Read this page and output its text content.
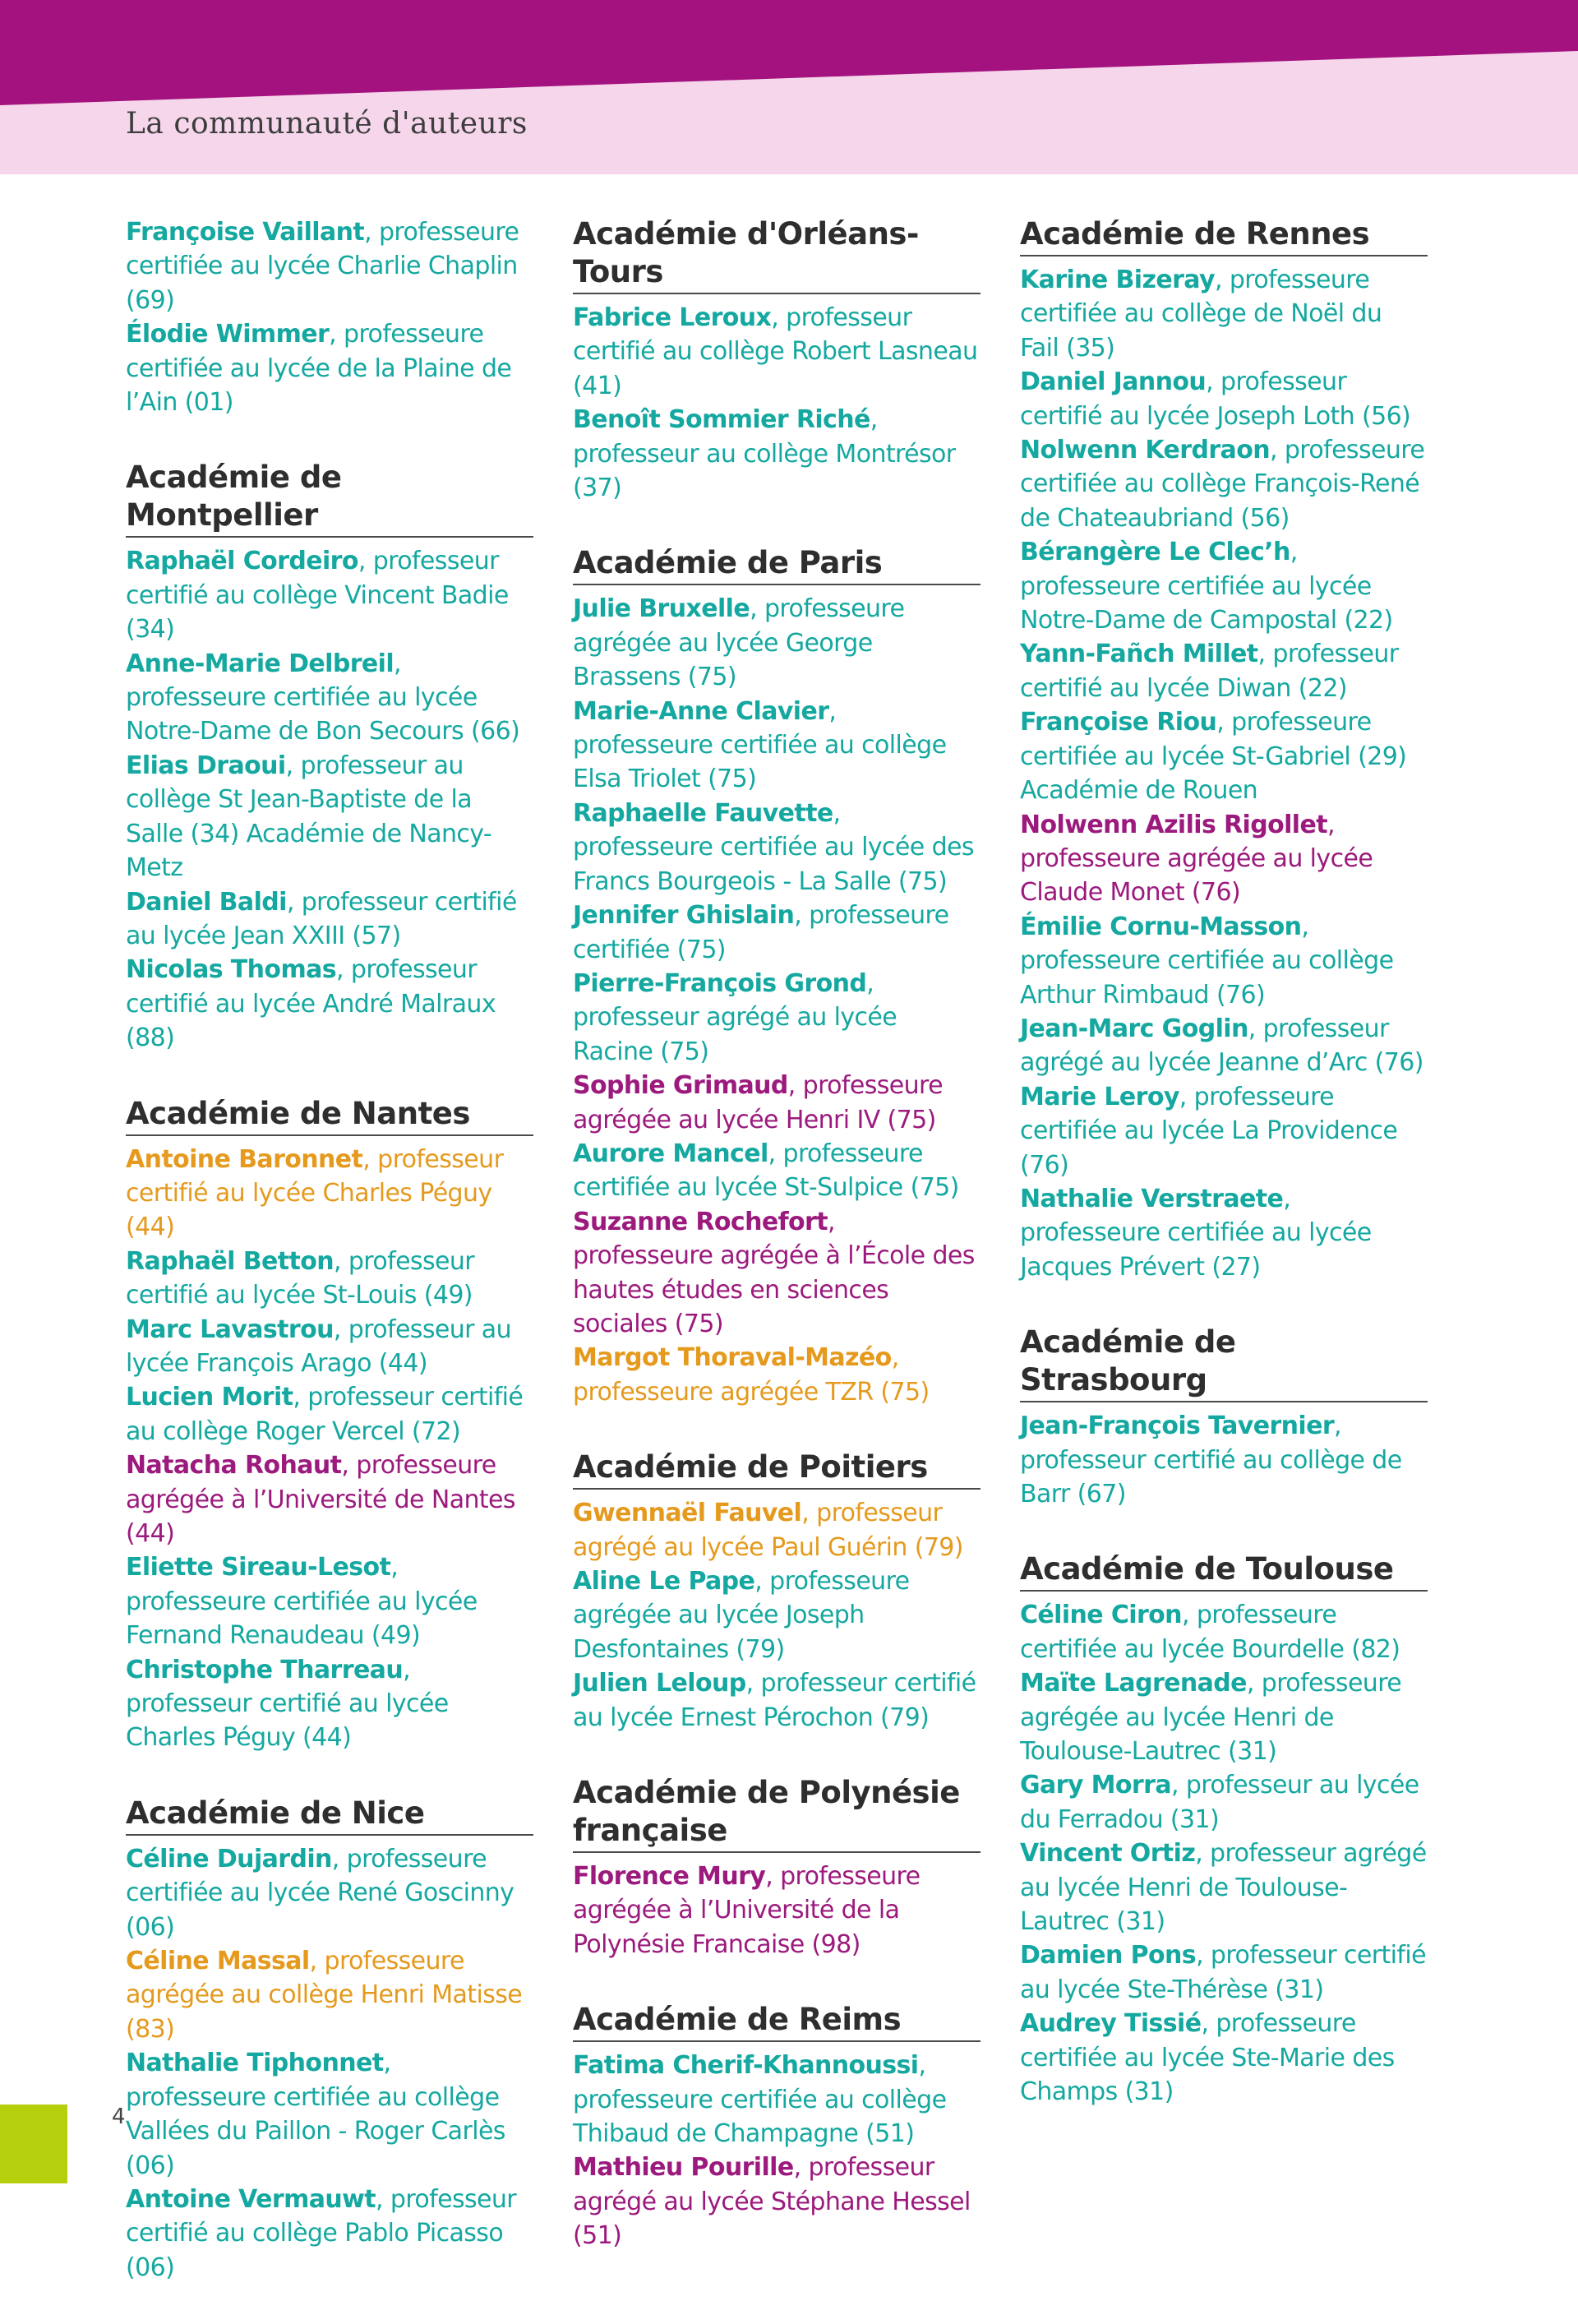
La communauté d'auteurs
Françoise Vaillant, professeure certifiée au lycée Charlie Chaplin (69)
Élodie Wimmer, professeure certifiée au lycée de la Plaine de l’Ain (01)
Académie de Montpellier
Raphaël Cordeiro, professeur certifié au collège Vincent Badie (34)
Anne-Marie Delbreil, professeure certifiée au lycée Notre-Dame de Bon Secours (66)
Elias Draoui, professeur au collège St Jean-Baptiste de la Salle (34) Académie de Nancy-Metz
Daniel Baldi, professeur certifié au lycée Jean XXIII (57)
Nicolas Thomas, professeur certifié au lycée André Malraux (88)
Académie de Nantes
Antoine Baronnet, professeur certifié au lycée Charles Péguy (44)
Raphaël Betton, professeur certifié au lycée St-Louis (49)
Marc Lavastrou, professeur au lycée François Arago (44)
Lucien Morit, professeur certifié au collège Roger Vercel (72)
Natacha Rohaut, professeure agrégée à l’Université de Nantes (44)
Eliette Sireau-Lesot, professeure certifiée au lycée Fernand Renaudeau (49)
Christophe Tharreau, professeur certifié au lycée Charles Péguy (44)
Académie de Nice
Céline Dujardin, professeure certifiée au lycée René Goscinny (06)
Céline Massal, professeure agrégée au collège Henri Matisse (83)
Nathalie Tiphonnet, professeure certifiée au collège Vallées du Paillon - Roger Carlès (06)
Antoine Vermauwt, professeur certifié au collège Pablo Picasso (06)
Académie d'Orléans-Tours
Fabrice Leroux, professeur certifié au collège Robert Lasneau (41)
Benoît Sommier Riché, professeur au collège Montrésor (37)
Académie de Paris
Julie Bruxelle, professeure agrégée au lycée George Brassens (75)
Marie-Anne Clavier, professeure certifiée au collège Elsa Triolet (75)
Raphaelle Fauvette, professeure certifiée au lycée des Francs Bourgeois - La Salle (75)
Jennifer Ghislain, professeure certifiée (75)
Pierre-François Grond, professeur agrégé au lycée Racine (75)
Sophie Grimaud, professeure agrégée au lycée Henri IV (75)
Aurore Mancel, professeure certifiée au lycée St-Sulpice (75)
Suzanne Rochefort, professeure agrégée à l’École des hautes études en sciences sociales (75)
Margot Thoraval-Mazéo, professeure agrégée TZR (75)
Académie de Poitiers
Gwennaël Fauvel, professeur agrégé au lycée Paul Guérin (79)
Aline Le Pape, professeure agrégée au lycée Joseph Desfontaines (79)
Julien Leloup, professeur certifié au lycée Ernest Pérochon (79)
Académie de Polynésie française
Florence Mury, professeure agrégée à l’Université de la Polynésie Francaise (98)
Académie de Reims
Fatima Cherif-Khannoussi, professeure certifiée au collège Thibaud de Champagne (51)
Mathieu Pourille, professeur agrégé au lycée Stéphane Hessel (51)
Académie de Rennes
Karine Bizeray, professeure certifiée au collège de Noël du Fail (35)
Daniel Jannou, professeur certifié au lycée Joseph Loth (56)
Nolwenn Kerdraon, professeure certifiée au collège François-René de Chateaubriand (56)
Bérangère Le Clec’h, professeure certifiée au lycée Notre-Dame de Campostal (22)
Yann-Fañch Millet, professeur certifié au lycée Diwan (22)
Françoise Riou, professeure certifiée au lycée St-Gabriel (29) Académie de Rouen
Nolwenn Azilis Rigollet, professeure agrégée au lycée Claude Monet (76)
Émilie Cornu-Masson, professeure certifiée au collège Arthur Rimbaud (76)
Jean-Marc Goglin, professeur agrégé au lycée Jeanne d’Arc (76)
Marie Leroy, professeure certifiée au lycée La Providence (76)
Nathalie Verstraete, professeure certifiée au lycée Jacques Prévert (27)
Académie de Strasbourg
Jean-François Tavernier, professeur certifié au collège de Barr (67)
Académie de Toulouse
Céline Ciron, professeure certifiée au lycée Bourdelle (82)
Maïte Lagrenade, professeure agrégée au lycée Henri de Toulouse-Lautrec (31)
Gary Morra, professeur au lycée du Ferradou (31)
Vincent Ortiz, professeur agrégé au lycée Henri de Toulouse-Lautrec (31)
Damien Pons, professeur certifié au lycée Ste-Thérèse (31)
Audrey Tissié, professeure certifiée au lycée Ste-Marie des Champs (31)
4
